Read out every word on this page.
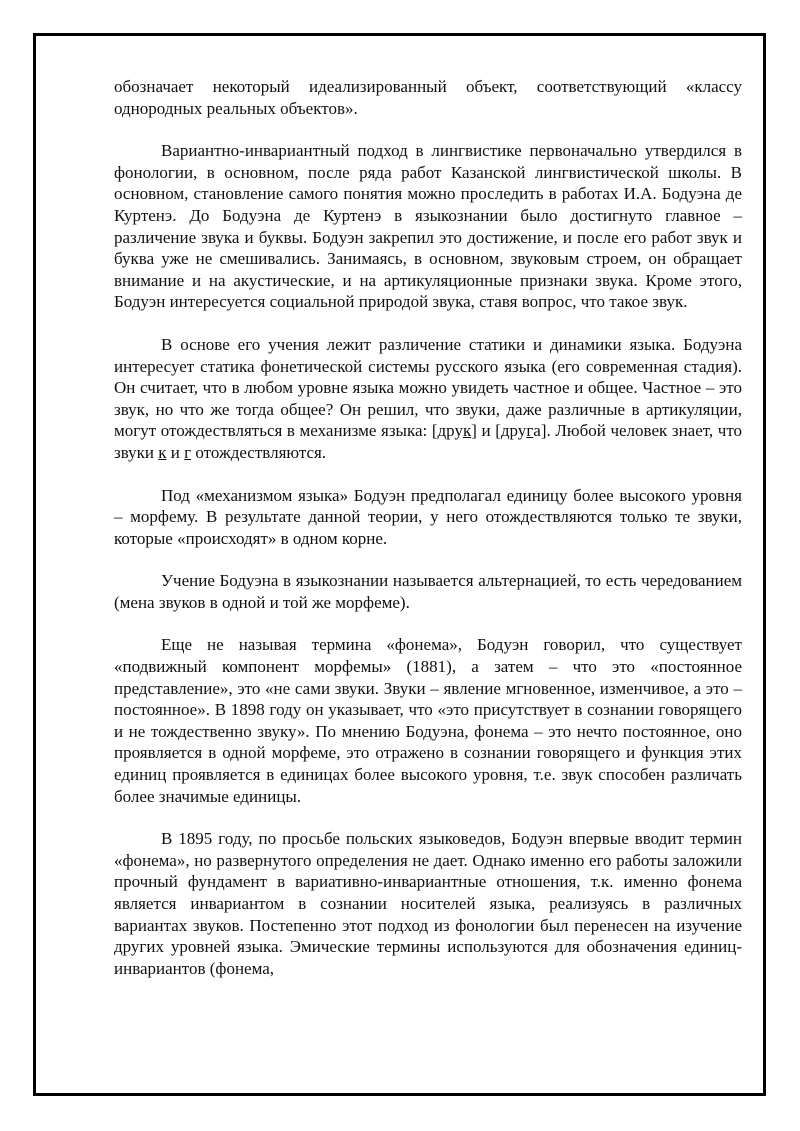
обозначает некоторый идеализированный объект, соответствующий «классу однородных реальных объектов».

Вариантно-инвариантный подход в лингвистике первоначально утвердился в фонологии, в основном, после ряда работ Казанской лингвистической школы. В основном, становление самого понятия можно проследить в работах И.А. Бодуэна де Куртенэ. До Бодуэна де Куртенэ в языкознании было достигнуто главное – различение звука и буквы. Бодуэн закрепил это достижение, и после его работ звук и буква уже не смешивались. Занимаясь, в основном, звуковым строем, он обращает внимание и на акустические, и на артикуляционные признаки звука. Кроме этого, Бодуэн интересуется социальной природой звука, ставя вопрос, что такое звук.

В основе его учения лежит различение статики и динамики языка. Бодуэна интересует статика фонетической системы русского языка (его современная стадия). Он считает, что в любом уровне языка можно увидеть частное и общее. Частное – это звук, но что же тогда общее? Он решил, что звуки, даже различные в артикуляции, могут отождествляться в механизме языка: [друк] и [друга]. Любой человек знает, что звуки к и г отождествляются.

Под «механизмом языка» Бодуэн предполагал единицу более высокого уровня – морфему. В результате данной теории, у него отождествляются только те звуки, которые «происходят» в одном корне.

Учение Бодуэна в языкознании называется альтернацией, то есть чередованием (мена звуков в одной и той же морфеме).

Еще не называя термина «фонема», Бодуэн говорил, что существует «подвижный компонент морфемы» (1881), а затем – что это «постоянное представление», это «не сами звуки. Звуки – явление мгновенное, изменчивое, а это – постоянное». В 1898 году он указывает, что «это присутствует в сознании говорящего и не тождественно звуку». По мнению Бодуэна, фонема – это нечто постоянное, оно проявляется в одной морфеме, это отражено в сознании говорящего и функция этих единиц проявляется в единицах более высокого уровня, т.е. звук способен различать более значимые единицы.

В 1895 году, по просьбе польских языковедов, Бодуэн впервые вводит термин «фонема», но развернутого определения не дает. Однако именно его работы заложили прочный фундамент в вариативно-инвариантные отношения, т.к. именно фонема является инвариантом в сознании носителей языка, реализуясь в различных вариантах звуков. Постепенно этот подход из фонологии был перенесен на изучение других уровней языка. Эмические термины используются для обозначения единиц-инвариантов (фонема,
